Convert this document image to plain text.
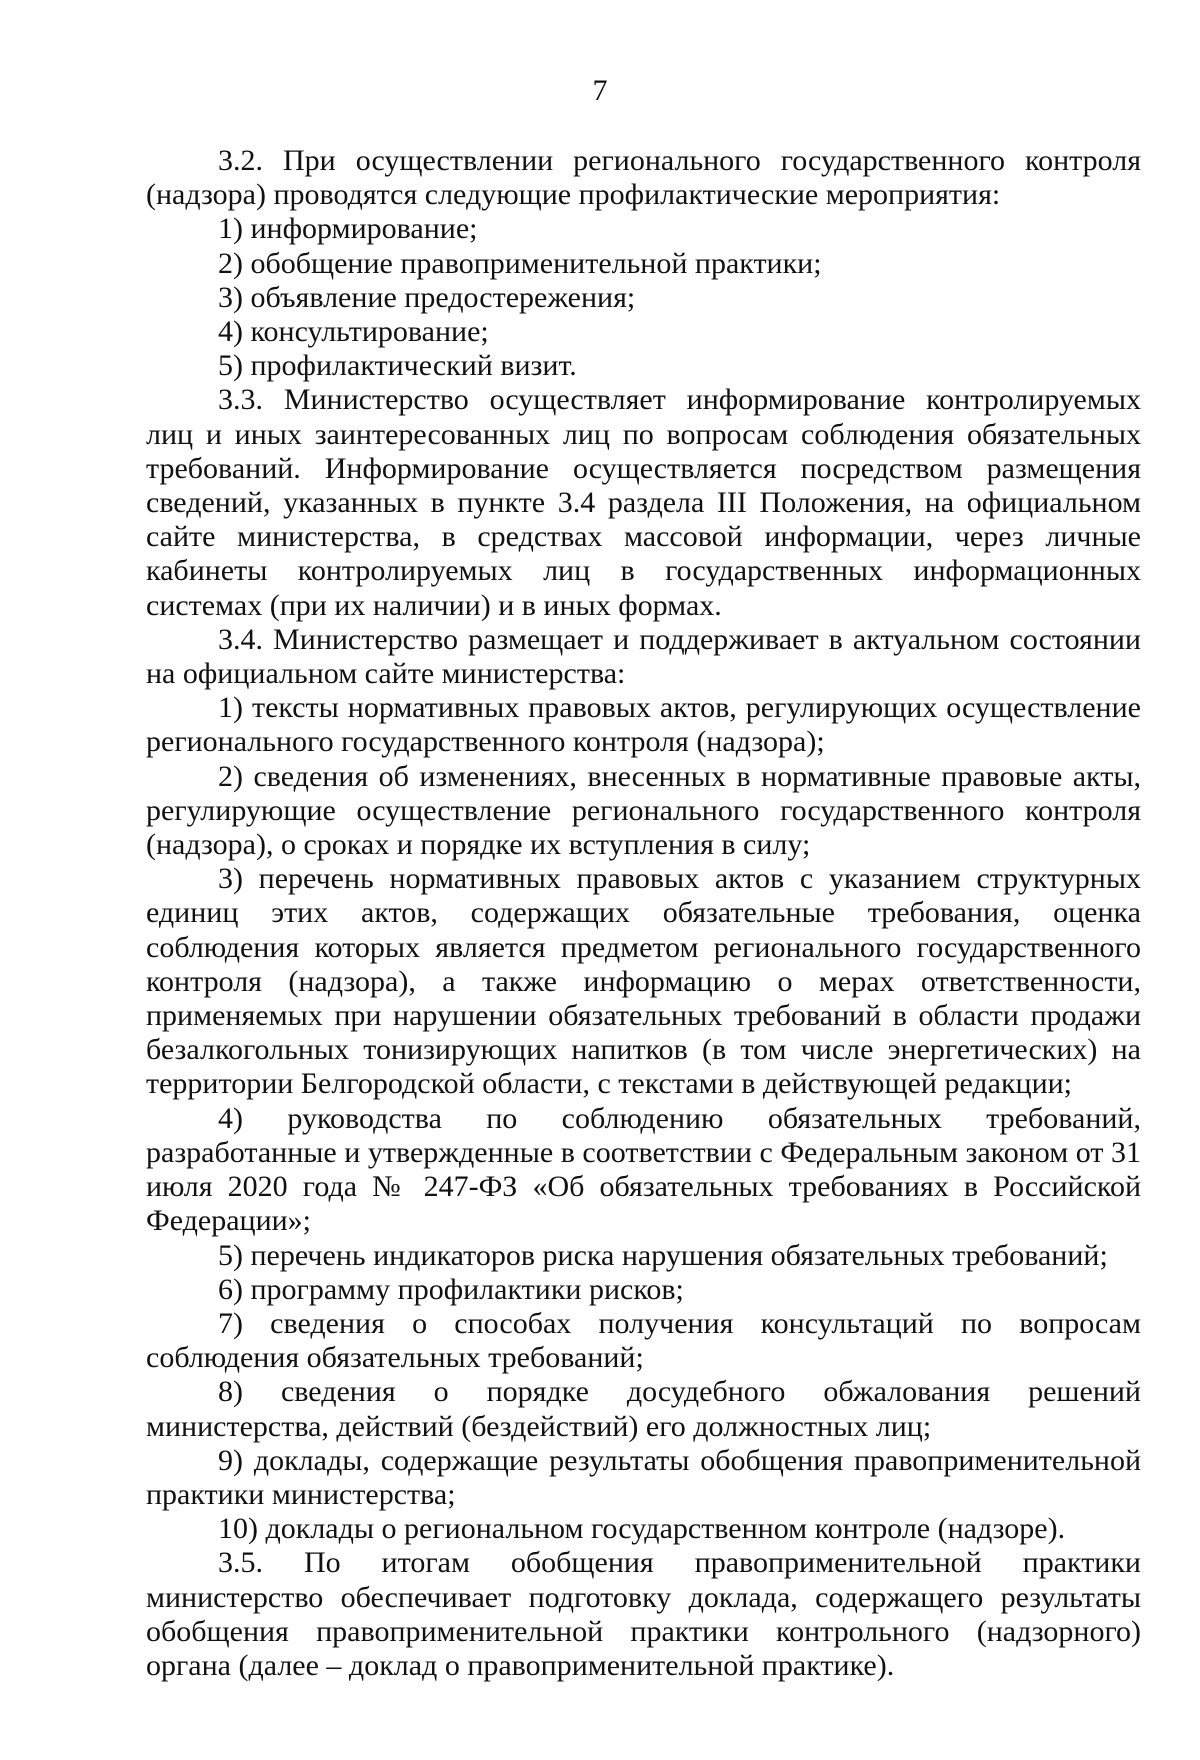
7

3.2. При осуществлении регионального государственного контроля (надзора) проводятся следующие профилактические мероприятия:

1) информирование;

2) обобщение правоприменительной практики;

3) объявление предостережения;

4) консультирование;

5) профилактический визит.

3.3. Министерство осуществляет информирование контролируемых лиц и иных заинтересованных лиц по вопросам соблюдения обязательных требований. Информирование осуществляется посредством размещения сведений, указанных в пункте 3.4 раздела III Положения, на официальном сайте министерства, в средствах массовой информации, через личные кабинеты контролируемых лиц в государственных информационных системах (при их наличии) и в иных формах.

3.4. Министерство размещает и поддерживает в актуальном состоянии на официальном сайте министерства:

1) тексты нормативных правовых актов, регулирующих осуществление регионального государственного контроля (надзора);

2) сведения об изменениях, внесенных в нормативные правовые акты, регулирующие осуществление регионального государственного контроля (надзора), о сроках и порядке их вступления в силу;

3) перечень нормативных правовых актов с указанием структурных единиц этих актов, содержащих обязательные требования, оценка соблюдения которых является предметом регионального государственного контроля (надзора), а также информацию о мерах ответственности, применяемых при нарушении обязательных требований в области продажи безалкогольных тонизирующих напитков (в том числе энергетических) на территории Белгородской области, с текстами в действующей редакции;

4) руководства по соблюдению обязательных требований, разработанные и утвержденные в соответствии с Федеральным законом от 31 июля 2020 года № 247-ФЗ «Об обязательных требованиях в Российской Федерации»;

5) перечень индикаторов риска нарушения обязательных требований;

6) программу профилактики рисков;

7) сведения о способах получения консультаций по вопросам соблюдения обязательных требований;

8) сведения о порядке досудебного обжалования решений министерства, действий (бездействий) его должностных лиц;

9) доклады, содержащие результаты обобщения правоприменительной практики министерства;

10) доклады о региональном государственном контроле (надзоре).

3.5. По итогам обобщения правоприменительной практики министерство обеспечивает подготовку доклада, содержащего результаты обобщения правоприменительной практики контрольного (надзорного) органа (далее – доклад о правоприменительной практике).
